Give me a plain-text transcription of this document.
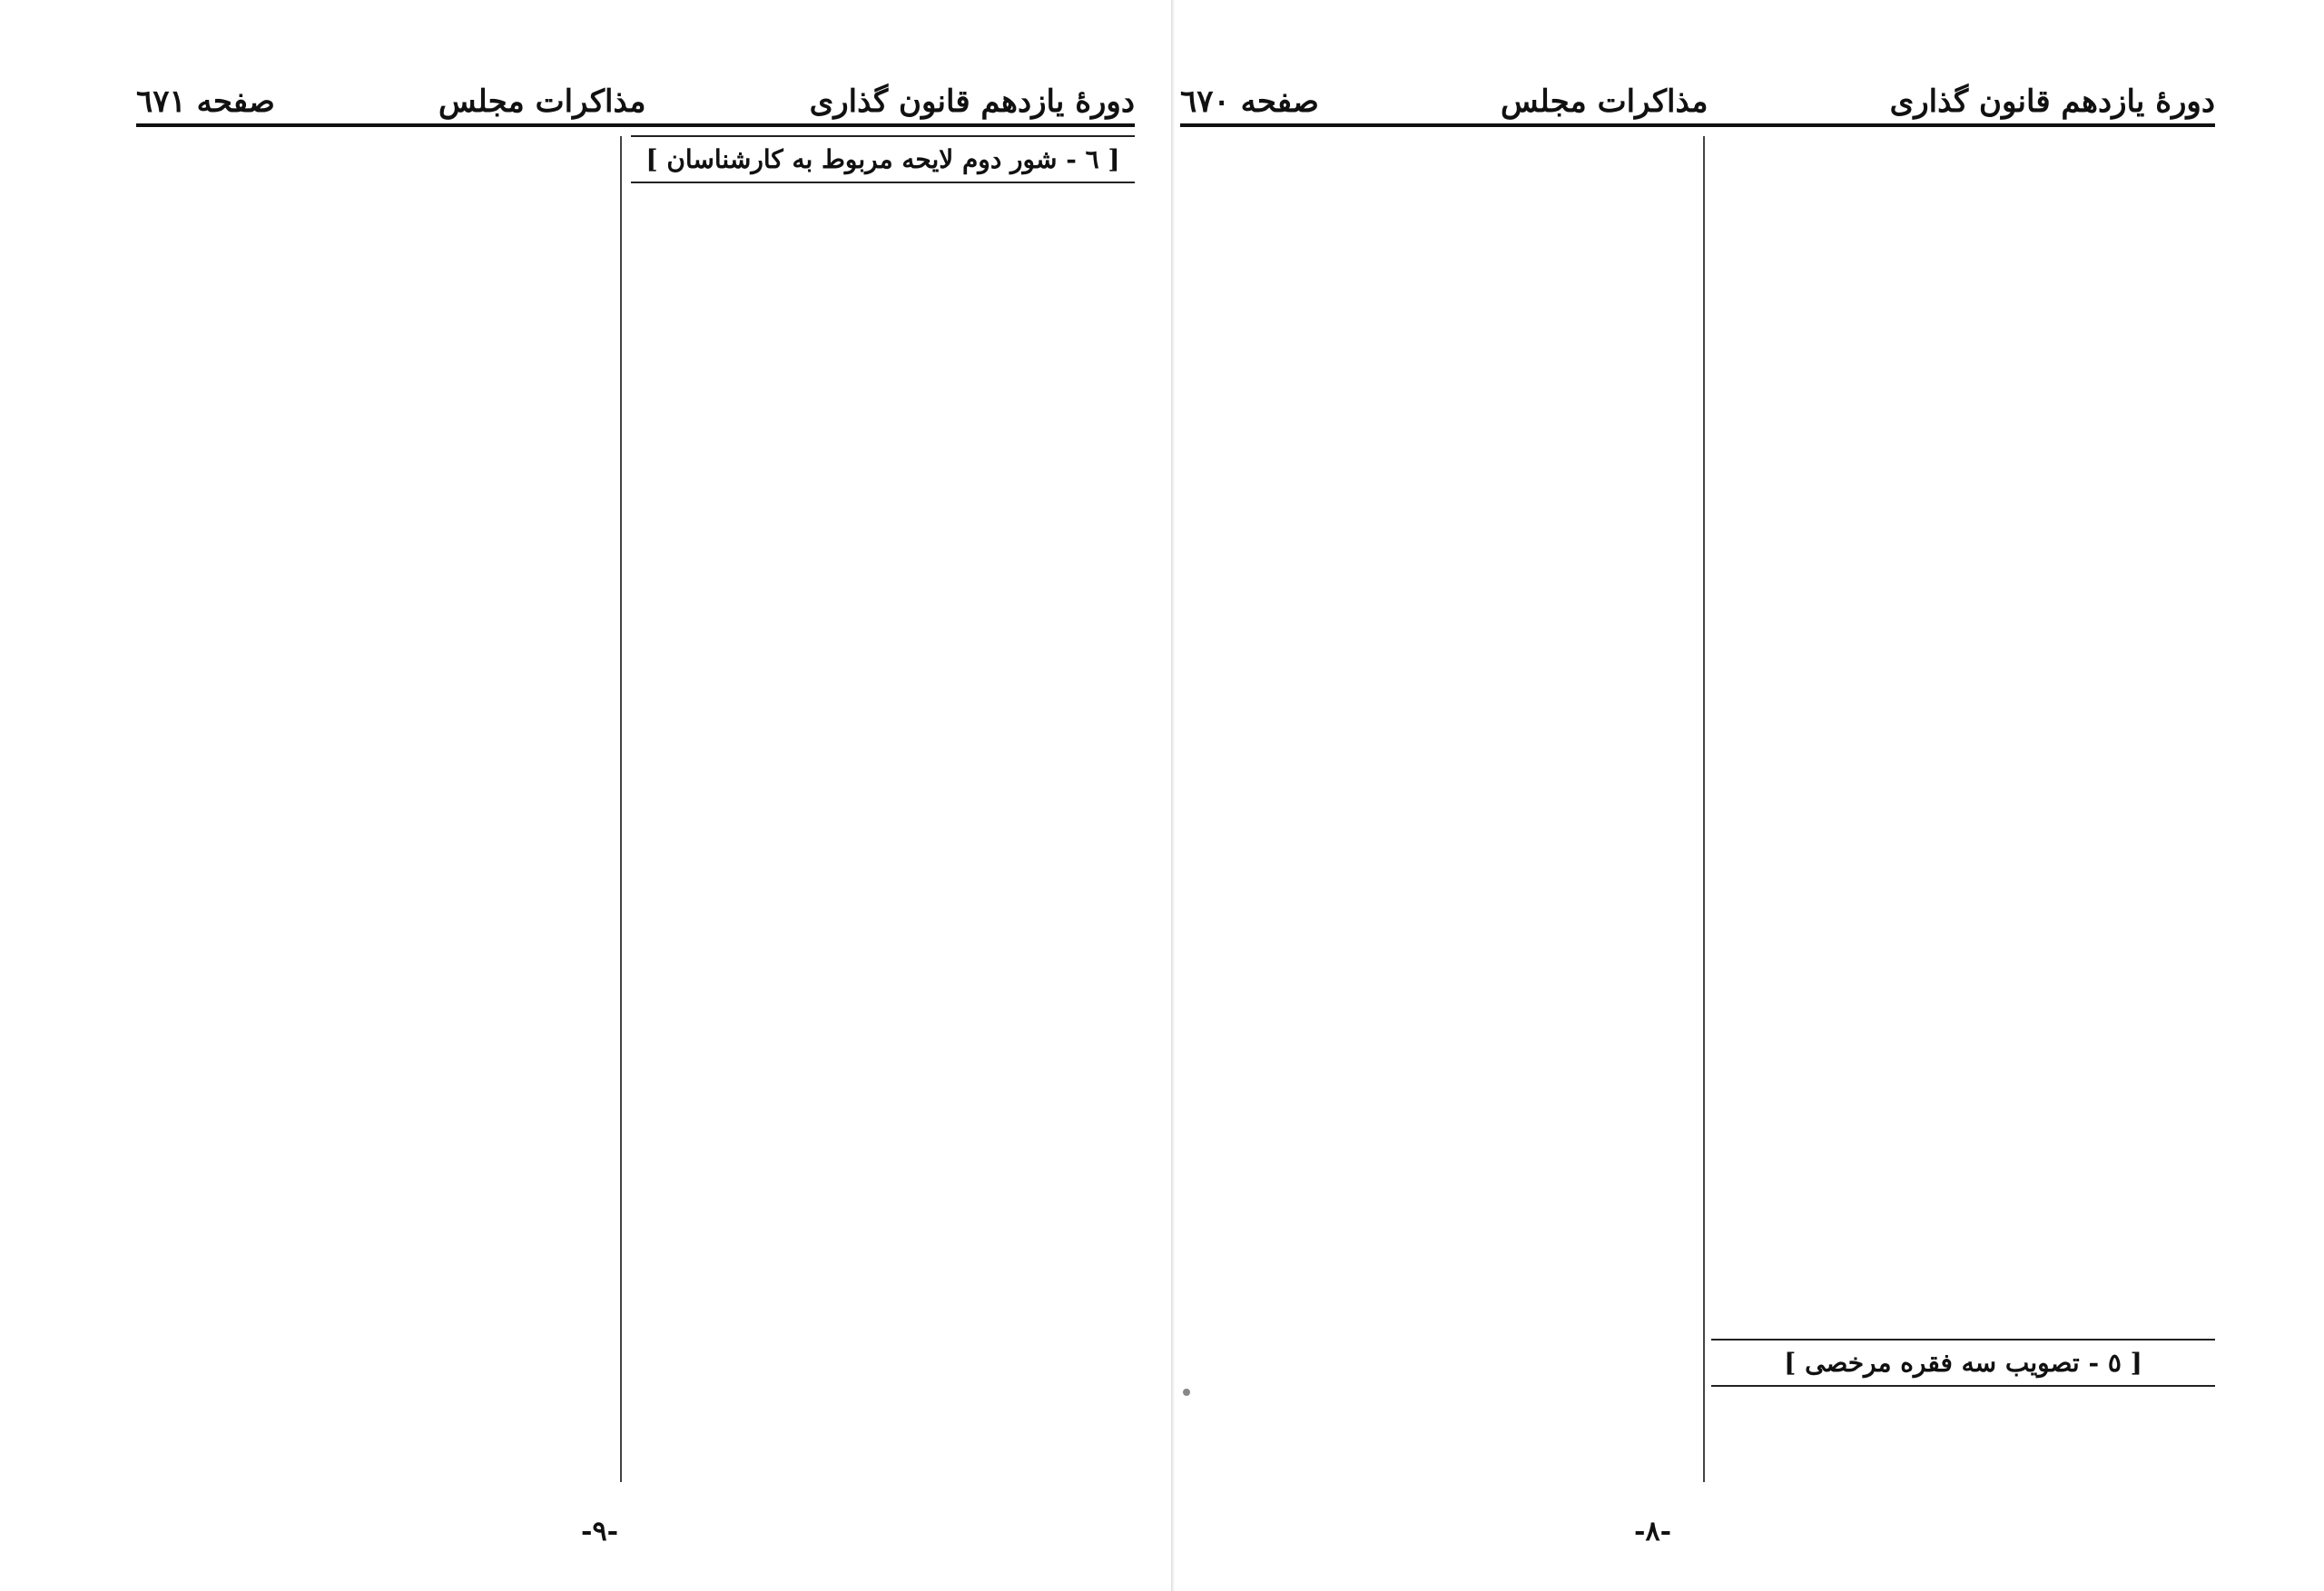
دورهٔ یازدهم قانون گذاری
مذاکرات مجلس
صفحه ٦٧١
[ ٦ - شور دوم لایحه مربوط به کارشناسان ]
-٩-
دورهٔ یازدهم قانون گذاری
مذاکرات مجلس
صفحه ٦٧٠
[ ٥ - تصویب سه فقره مرخصی ]
-٨-
